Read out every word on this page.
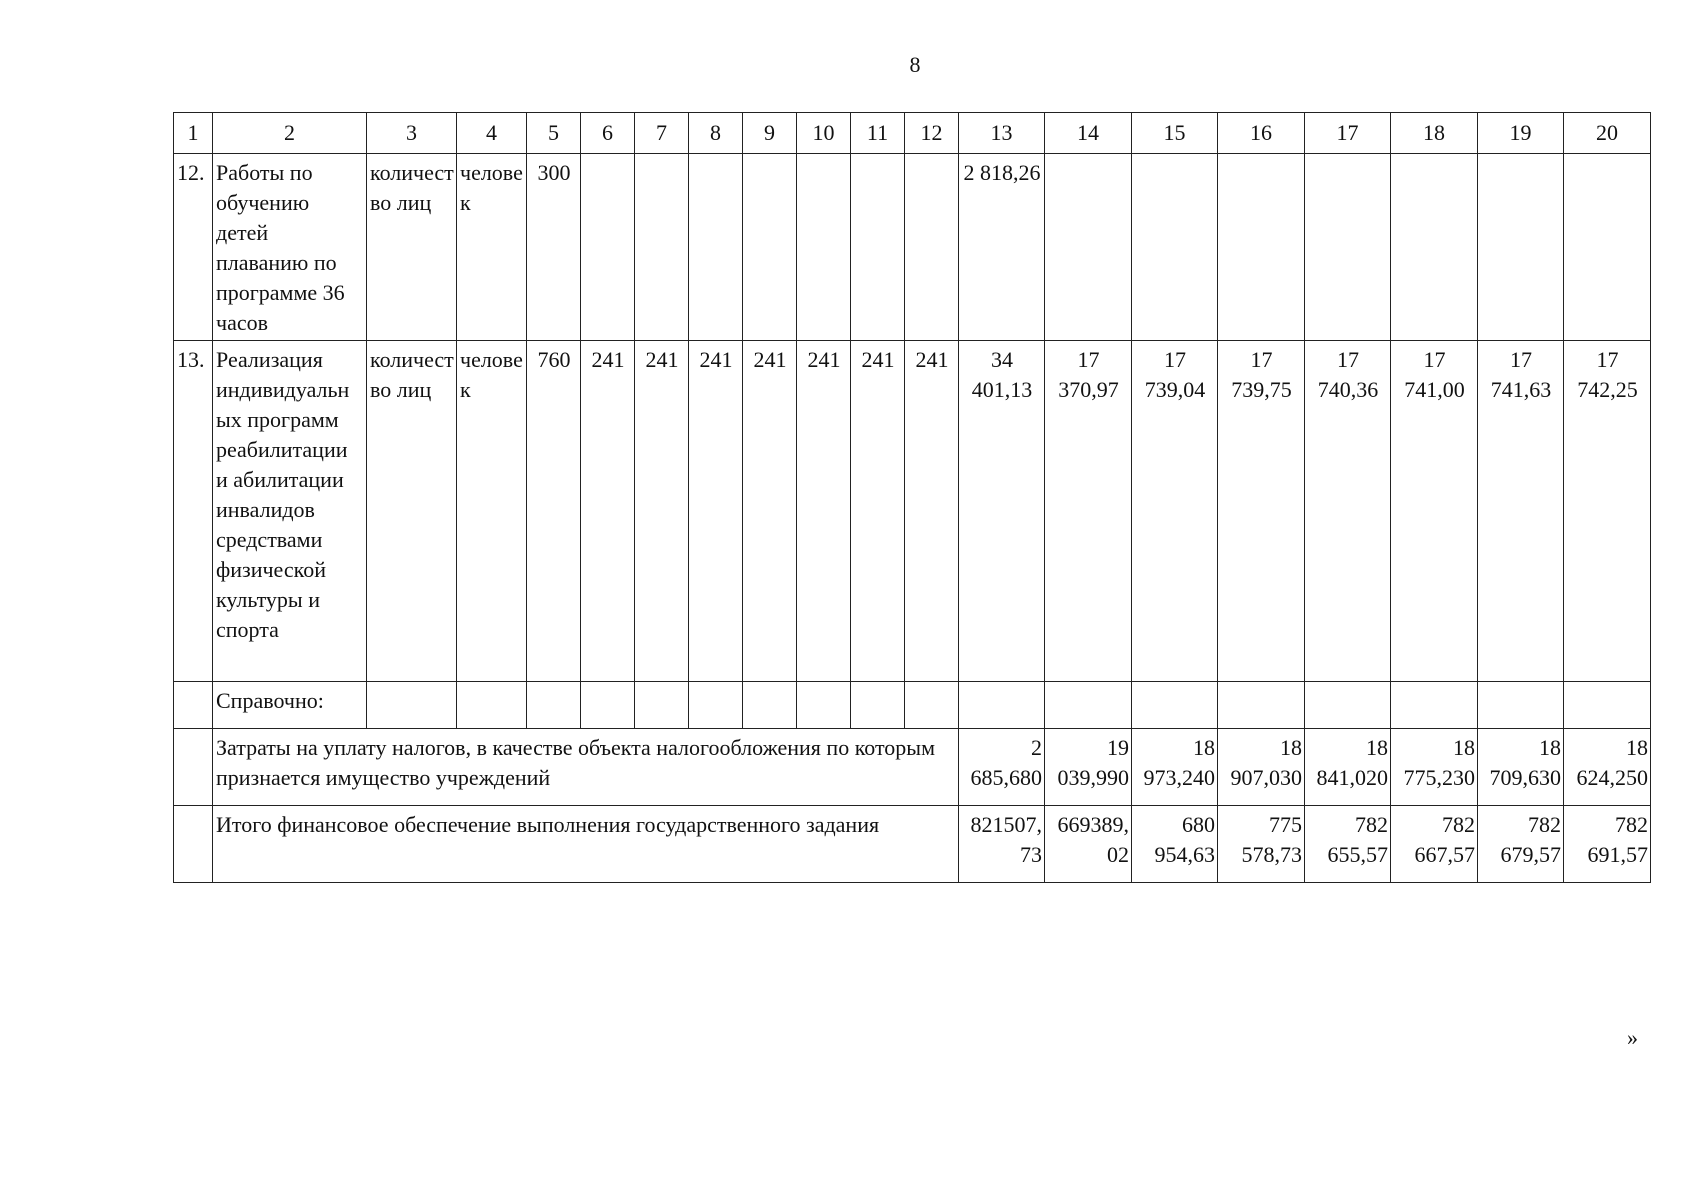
8
1	2	3	4	5	6	7	8	9	10	11	12	13	14	15	16	17	18	19	20
12.	Работы по обучению детей плаванию по программе 36 часов	количество лиц	человек	300								2 818,26							
13.	Реализация индивидуальных программ реабилитации и абилитации инвалидов средствами физической культуры и спорта	количество лиц	человек	760	241	241	241	241	241	241	241	34 401,13	17 370,97	17 739,04	17 739,75	17 740,36	17 741,00	17 741,63	17 742,25
	Справочно:																		
	Затраты на уплату налогов, в качестве объекта налогообложения по которым признается имущество учреждений											2 685,680	19 039,990	18 973,240	18 907,030	18 841,020	18 775,230	18 709,630	18 624,250
	Итого финансовое обеспечение выполнения государственного задания											821507,73	669389,02	680 954,63	775 578,73	782 655,57	782 667,57	782 679,57	782 691,57
»
